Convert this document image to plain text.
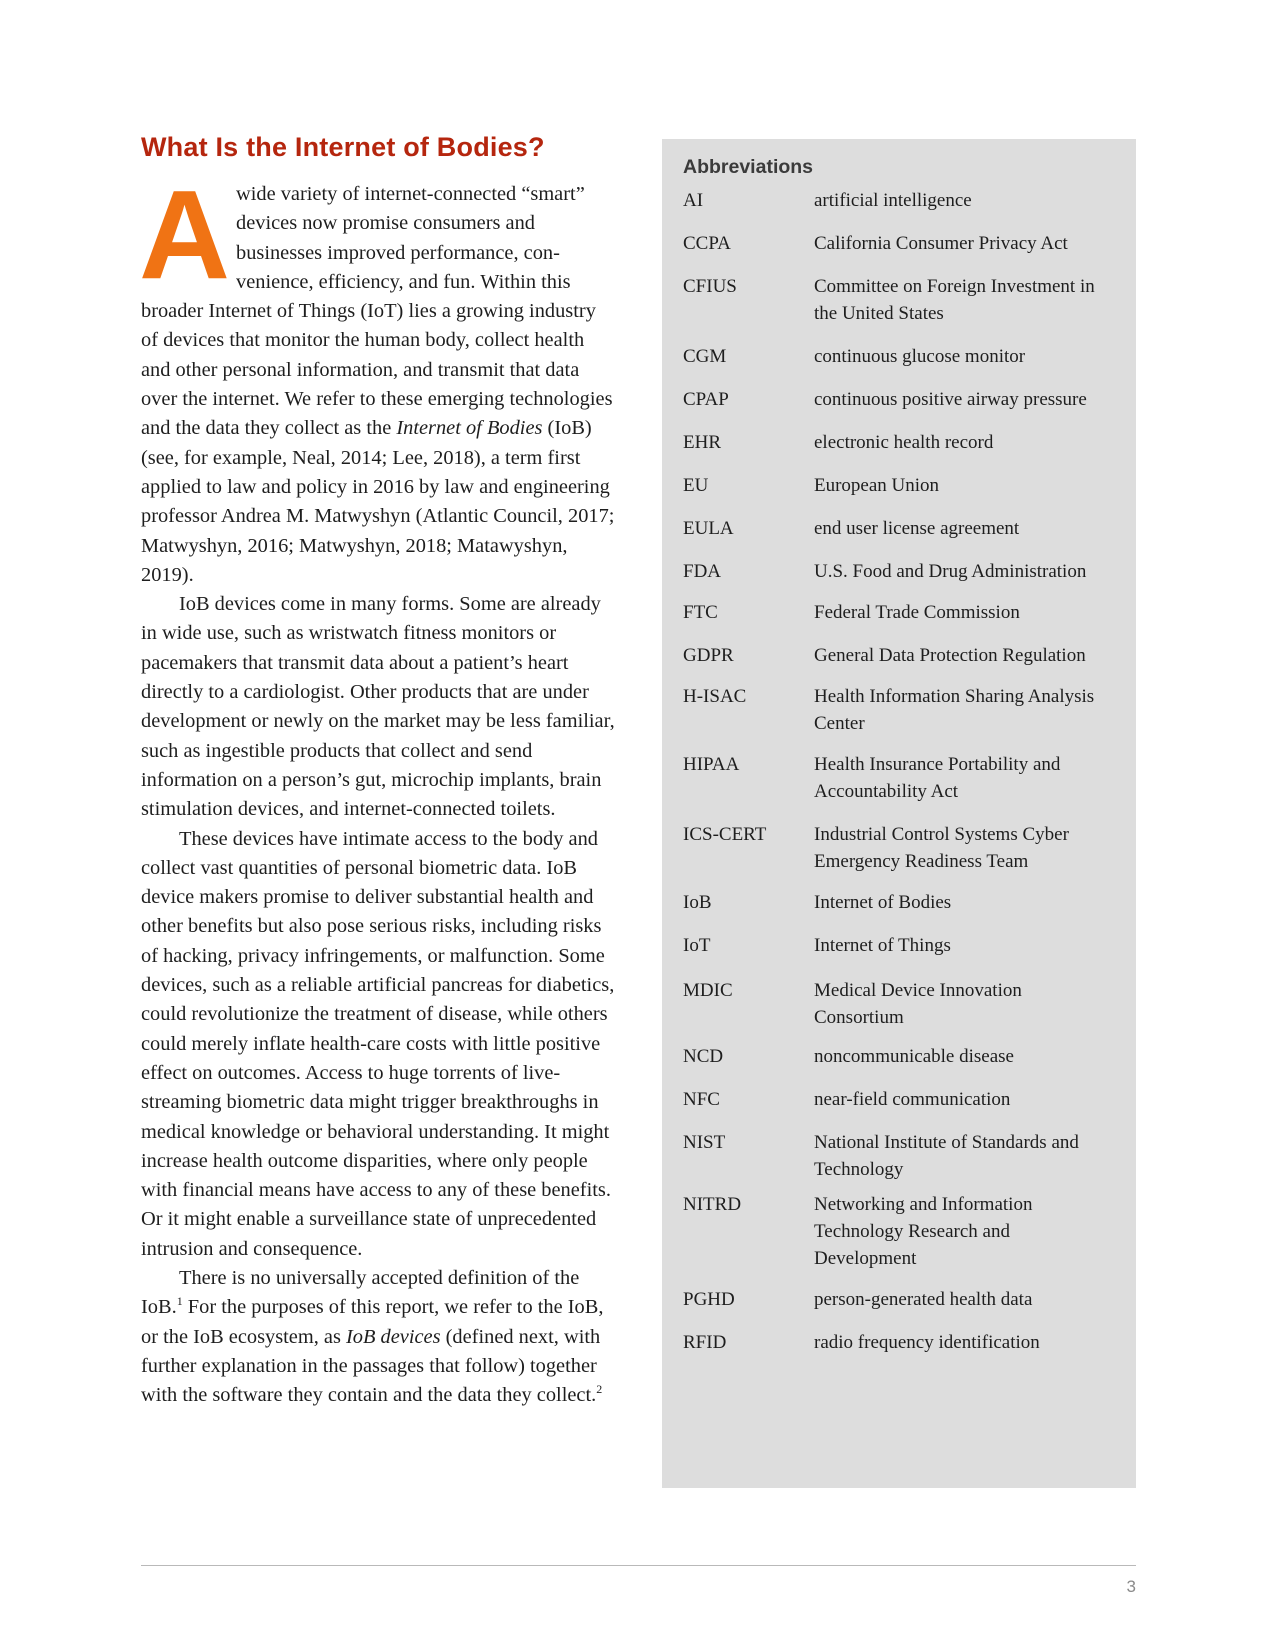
What Is the Internet of Bodies?

A wide variety of internet-connected “smart” devices now promise consumers and businesses improved performance, convenience, efficiency, and fun. Within this broader Internet of Things (IoT) lies a growing industry of devices that monitor the human body, collect health and other personal information, and transmit that data over the internet. We refer to these emerging technologies and the data they collect as the Internet of Bodies (IoB) (see, for example, Neal, 2014; Lee, 2018), a term first applied to law and policy in 2016 by law and engineering professor Andrea M. Matwyshyn (Atlantic Council, 2017; Matwyshyn, 2016; Matwyshyn, 2018; Matawyshyn, 2019).

IoB devices come in many forms. Some are already in wide use, such as wristwatch fitness monitors or pacemakers that transmit data about a patient’s heart directly to a cardiologist. Other products that are under development or newly on the market may be less familiar, such as ingestible products that collect and send information on a person’s gut, microchip implants, brain stimulation devices, and internet-connected toilets.

These devices have intimate access to the body and collect vast quantities of personal biometric data. IoB device makers promise to deliver substantial health and other benefits but also pose serious risks, including risks of hacking, privacy infringements, or malfunction. Some devices, such as a reliable artificial pancreas for diabetics, could revolutionize the treatment of disease, while others could merely inflate health-care costs with little positive effect on outcomes. Access to huge torrents of live-streaming biometric data might trigger breakthroughs in medical knowledge or behavioral understanding. It might increase health outcome disparities, where only people with financial means have access to any of these benefits. Or it might enable a surveillance state of unprecedented intrusion and consequence.

There is no universally accepted definition of the IoB.$^1$ For the purposes of this report, we refer to the IoB, or the IoB ecosystem, as IoB devices (defined next, with further explanation in the passages that follow) together with the software they contain and the data they collect.$^2$

Abbreviations
AI	artificial intelligence
CCPA	California Consumer Privacy Act
CFIUS	Committee on Foreign Investment in the United States
CGM	continuous glucose monitor
CPAP	continuous positive airway pressure
EHR	electronic health record
EU	European Union
EULA	end user license agreement
FDA	U.S. Food and Drug Administration
FTC	Federal Trade Commission
GDPR	General Data Protection Regulation
H-ISAC	Health Information Sharing Analysis Center
HIPAA	Health Insurance Portability and Accountability Act
ICS-CERT	Industrial Control Systems Cyber Emergency Readiness Team
IoB	Internet of Bodies
IoT	Internet of Things
MDIC	Medical Device Innovation Consortium
NCD	noncommunicable disease
NFC	near-field communication
NIST	National Institute of Standards and Technology
NITRD	Networking and Information Technology Research and Development
PGHD	person-generated health data
RFID	radio frequency identification
3
